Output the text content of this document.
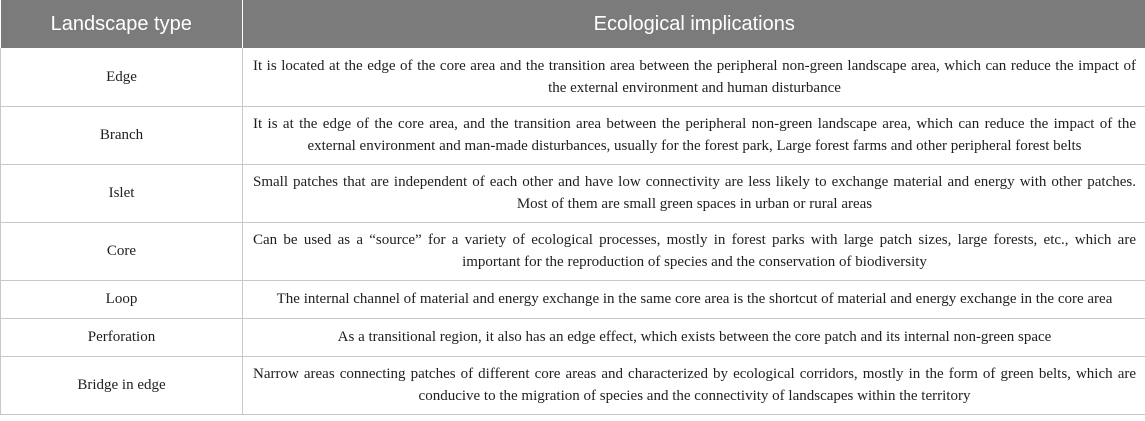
Landscape type	Ecological implications
Edge	It is located at the edge of the core area and the transition area between the peripheral non-green landscape area, which can reduce the impact of the external environment and human disturbance
Branch	It is at the edge of the core area, and the transition area between the peripheral non-green landscape area, which can reduce the impact of the external environment and man-made disturbances, usually for the forest park, Large forest farms and other peripheral forest belts
Islet	Small patches that are independent of each other and have low connectivity are less likely to exchange material and energy with other patches. Most of them are small green spaces in urban or rural areas
Core	Can be used as a “source” for a variety of ecological processes, mostly in forest parks with large patch sizes, large forests, etc., which are important for the reproduction of species and the conservation of biodiversity
Loop	The internal channel of material and energy exchange in the same core area is the shortcut of material and energy exchange in the core area
Perforation	As a transitional region, it also has an edge effect, which exists between the core patch and its internal non-green space
Bridge in edge	Narrow areas connecting patches of different core areas and characterized by ecological corridors, mostly in the form of green belts, which are conducive to the migration of species and the connectivity of landscapes within the territory
